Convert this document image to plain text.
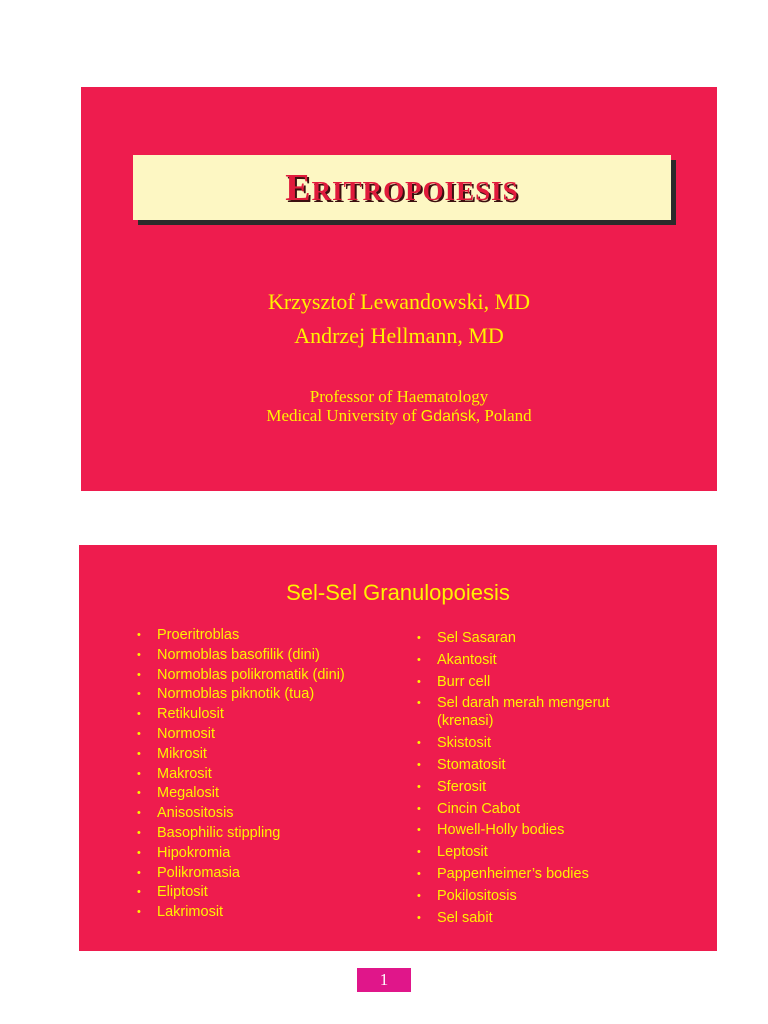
Eritropoiesis
Krzysztof Lewandowski, MD
Andrzej Hellmann, MD
Professor of Haematology
Medical University of Gdańsk, Poland
Sel-Sel Granulopoiesis
• Proeritroblas
• Normoblas basofilik (dini)
• Normoblas polikromatik (dini)
• Normoblas piknotik (tua)
• Retikulosit
• Normosit
• Mikrosit
• Makrosit
• Megalosit
• Anisositosis
• Basophilic stippling
• Hipokromia
• Polikromasia
• Eliptosit
• Lakrimosit
• Sel Sasaran
• Akantosit
• Burr cell
• Sel darah merah mengerut
(krenasi)
• Skistosit
• Stomatosit
• Sferosit
• Cincin Cabot
• Howell-Holly bodies
• Leptosit
• Pappenheimer’s bodies
• Pokilositosis
• Sel sabit
1
